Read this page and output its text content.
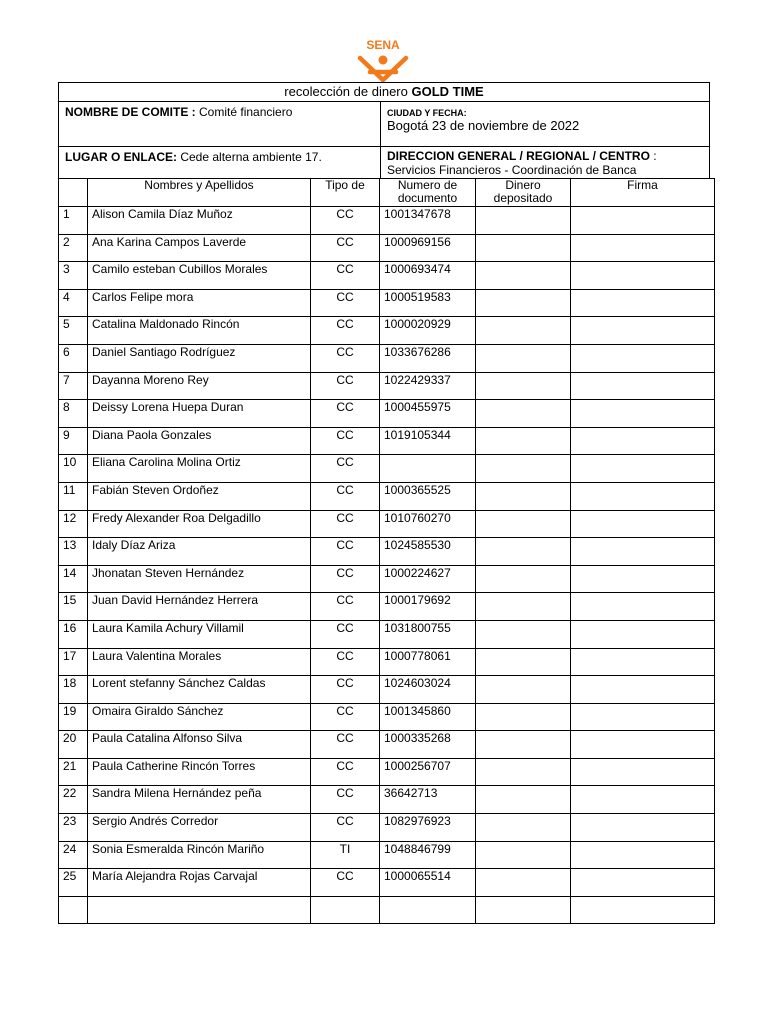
SENA
recolección de dinero GOLD TIME
NOMBRE DE COMITE : Comité financiero	CIUDAD Y FECHA:
Bogotá 23 de noviembre de 2022
LUGAR O ENLACE: Cede alterna ambiente 17.	DIRECCION GENERAL / REGIONAL / CENTRO :
Servicios Financieros - Coordinación de Banca
	Nombres y Apellidos	Tipo de	Numero de documento	Dinero depositado	Firma
1	Alison Camila Díaz Muñoz	CC	1001347678		
2	Ana Karina Campos Laverde	CC	1000969156		
3	Camilo esteban Cubillos Morales	CC	1000693474		
4	Carlos Felipe mora	CC	1000519583		
5	Catalina Maldonado Rincón	CC	1000020929		
6	Daniel Santiago Rodríguez	CC	1033676286		
7	Dayanna Moreno Rey	CC	1022429337		
8	Deissy Lorena Huepa Duran	CC	1000455975		
9	Diana Paola Gonzales	CC	1019105344		
10	Eliana Carolina Molina Ortiz	CC			
11	Fabián Steven Ordoñez	CC	1000365525		
12	Fredy Alexander Roa Delgadillo	CC	1010760270		
13	Idaly Díaz Ariza	CC	1024585530		
14	Jhonatan Steven Hernández	CC	1000224627		
15	Juan David Hernández Herrera	CC	1000179692		
16	Laura Kamila Achury Villamil	CC	1031800755		
17	Laura Valentina Morales	CC	1000778061		
18	Lorent stefanny Sánchez Caldas	CC	1024603024		
19	Omaira Giraldo Sánchez	CC	1001345860		
20	Paula Catalina Alfonso Silva	CC	1000335268		
21	Paula Catherine Rincón Torres	CC	1000256707		
22	Sandra Milena Hernández peña	CC	36642713		
23	Sergio Andrés Corredor	CC	1082976923		
24	Sonia Esmeralda Rincón Mariño	TI	1048846799		
25	María Alejandra Rojas Carvajal	CC	1000065514		
